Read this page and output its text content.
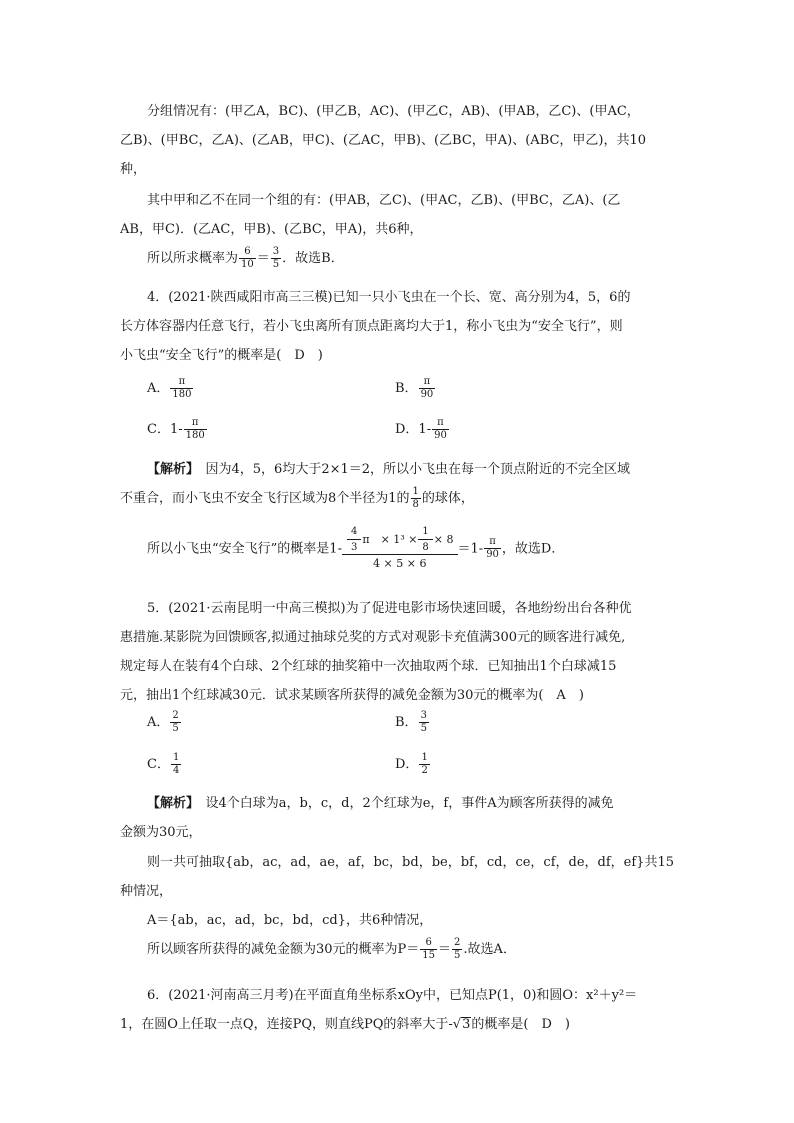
分组情况有：(甲乙A，BC)、(甲乙B，AC)、(甲乙C，AB)、(甲AB，乙C)、(甲AC，
乙B)、(甲BC，乙A)、(乙AB，甲C)、(乙AC，甲B)、(乙BC，甲A)、(ABC，甲乙)，共10
种，
其中甲和乙不在同一个组的有：(甲AB，乙C)、(甲AC，乙B)、(甲BC，乙A)、(乙
AB，甲C)．(乙AC，甲B)、(乙BC，甲A)，共6种，
所以所求概率为 $\frac{6}{10} = \frac{3}{5}$ ．故选B．
4．(2021·陕西咸阳市高三三模)已知一只小飞虫在一个长、宽、高分别为4，5，6的
长方体容器内任意飞行，若小飞虫离所有顶点距离均大于1，称小飞虫为“安全飞行”，则
小飞虫“安全飞行”的概率是(　D　)
A． $\frac{\pi}{180}$	B． $\frac{\pi}{90}$
C．$1- \frac{\pi}{180}$	D．$1- \frac{\pi}{90}$
【解析】　因为4，5，6均大于2×1＝2，所以小飞虫在每一个顶点附近的不完全区域
不重合，而小飞虫不安全飞行区域为8个半径为1的 $\frac{1}{8}$ 的球体，
所以小飞虫“安全飞行”的概率是$1- \frac{\frac{4}{3} \pi \times 1^3 \times \frac{1}{8} \times 8}{4 \times 5 \times 6} =1- \frac{\pi}{90}$ ，故选D．
5．(2021·云南昆明一中高三模拟)为了促进电影市场快速回暖，各地纷纷出台各种优
惠措施.某影院为回馈顾客,拟通过抽球兑奖的方式对观影卡充值满300元的顾客进行减免,
规定每人在装有4个白球、2个红球的抽奖箱中一次抽取两个球．已知抽出1个白球减15
元，抽出1个红球减30元．试求某顾客所获得的减免金额为30元的概率为(　A　)
A． $\frac{2}{5}$	B． $\frac{3}{5}$
C． $\frac{1}{4}$	D． $\frac{1}{2}$
【解析】　设4个白球为a，b，c，d，2个红球为e，f，事件A为顾客所获得的减免
金额为30元，
则一共可抽取{ab，ac，ad，ae，af，bc，bd，be，bf，cd，ce，cf，de，df，ef}共15
种情况，
A＝{ab，ac，ad，bc，bd，cd}，共6种情况，
所以顾客所获得的减免金额为30元的概率为$P= \frac{6}{15} = \frac{2}{5}$ .故选A．
6．(2021·河南高三月考)在平面直角坐标系xOy中，已知点P(1，0)和圆O：x²＋y²＝
1，在圆O上任取一点Q，连接PQ，则直线PQ的斜率大于-√3的概率是(　D　)
